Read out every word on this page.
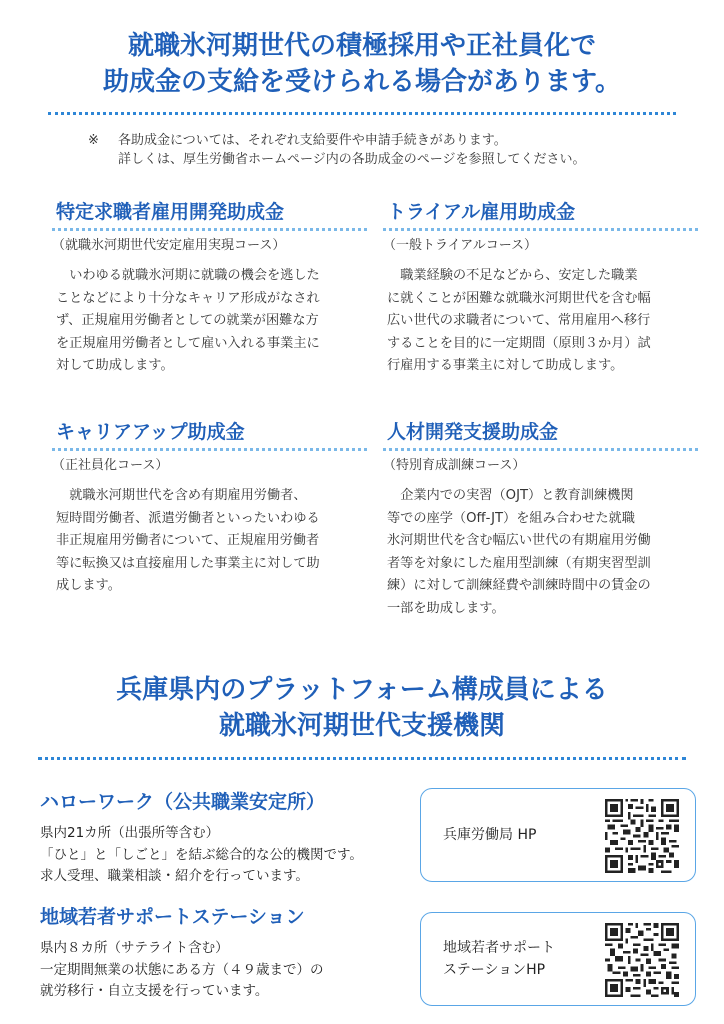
就職氷河期世代の積極採用や正社員化で
助成金の支給を受けられる場合があります。
※ 各助成金については、それぞれ支給要件や申請手続きがあります。
詳しくは、厚生労働省ホームページ内の各助成金のページを参照してください。
特定求職者雇用開発助成金
（就職氷河期世代安定雇用実現コース）
いわゆる就職氷河期に就職の機会を逃した
ことなどにより十分なキャリア形成がなされ
ず、正規雇用労働者としての就業が困難な方
を正規雇用労働者として雇い入れる事業主に
対して助成します。
トライアル雇用助成金
（一般トライアルコース）
職業経験の不足などから、安定した職業
に就くことが困難な就職氷河期世代を含む幅
広い世代の求職者について、常用雇用へ移行
することを目的に一定期間（原則３か月）試
行雇用する事業主に対して助成します。
キャリアアップ助成金
（正社員化コース）
就職氷河期世代を含め有期雇用労働者、
短時間労働者、派遣労働者といったいわゆる
非正規雇用労働者について、正規雇用労働者
等に転換又は直接雇用した事業主に対して助
成します。
人材開発支援助成金
（特別育成訓練コース）
企業内での実習（OJT）と教育訓練機関
等での座学（Off-JT）を組み合わせた就職
氷河期世代を含む幅広い世代の有期雇用労働
者等を対象にした雇用型訓練（有期実習型訓
練）に対して訓練経費や訓練時間中の賃金の
一部を助成します。
兵庫県内のプラットフォーム構成員による
就職氷河期世代支援機関
ハローワーク（公共職業安定所）
県内21カ所（出張所等含む）
「ひと」と「しごと」を結ぶ総合的な公的機関です。
求人受理、職業相談・紹介を行っています。
兵庫労働局 HP
地域若者サポートステーション
県内８カ所（サテライト含む）
一定期間無業の状態にある方（４９歳まで）の
就労移行・自立支援を行っています。
地域若者サポート
ステーションHP
